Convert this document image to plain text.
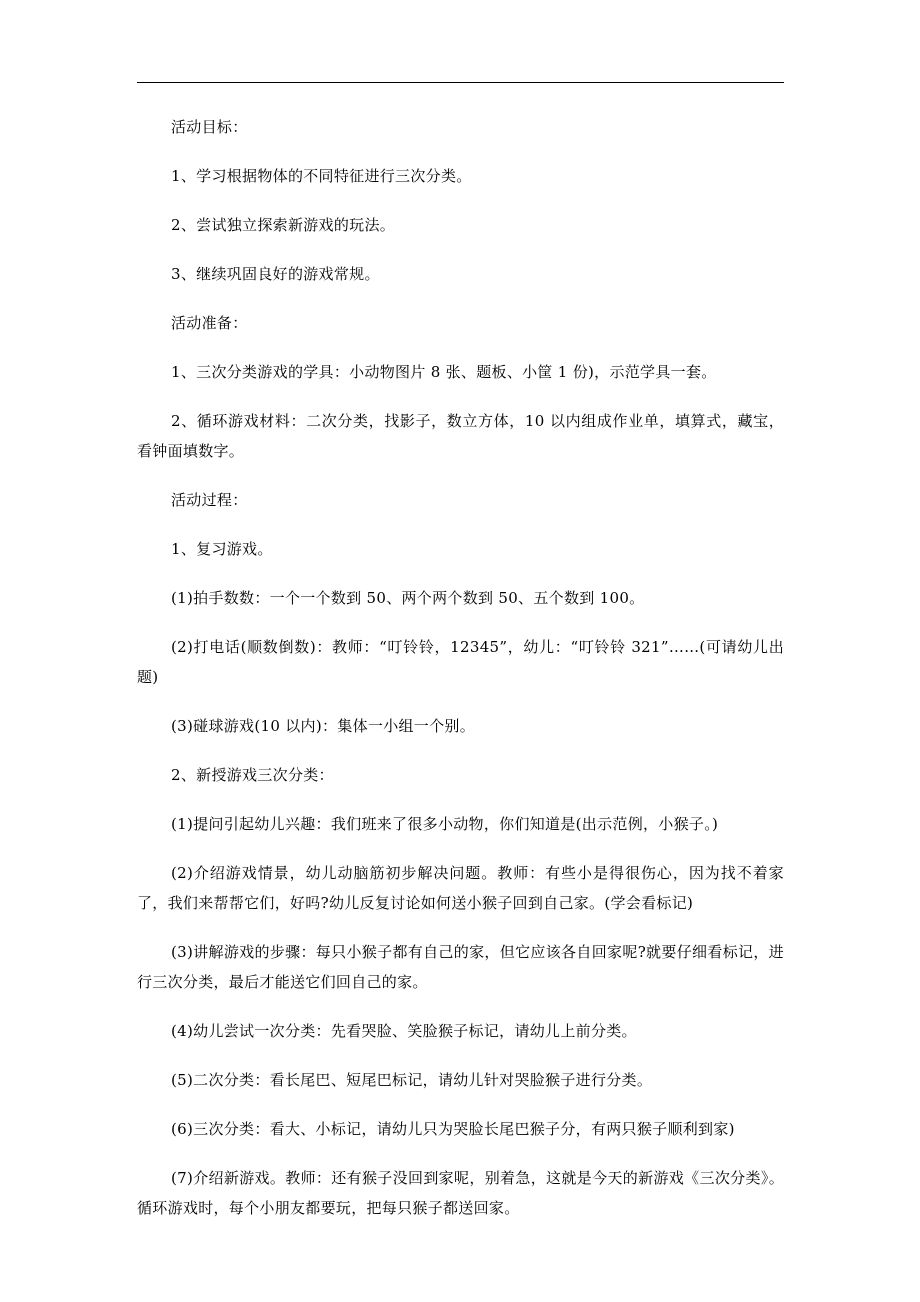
活动目标：

1、学习根据物体的不同特征进行三次分类。

2、尝试独立探索新游戏的玩法。

3、继续巩固良好的游戏常规。

活动准备：

1、三次分类游戏的学具：小动物图片 8 张、题板、小筐 1 份)，示范学具一套。

2、循环游戏材料：二次分类，找影子，数立方体，10 以内组成作业单，填算式，藏宝，看钟面填数字。

活动过程：

1、复习游戏。

(1)拍手数数：一个一个数到 50、两个两个数到 50、五个数到 100。

(2)打电话(顺数倒数)：教师：“叮铃铃，12345”，幼儿：“叮铃铃 321”……(可请幼儿出题)

(3)碰球游戏(10 以内)：集体一小组一个别。

2、新授游戏三次分类：

(1)提问引起幼儿兴趣：我们班来了很多小动物，你们知道是(出示范例，小猴子。)

(2)介绍游戏情景，幼儿动脑筋初步解决问题。教师：有些小是得很伤心，因为找不着家了，我们来帮帮它们，好吗?幼儿反复讨论如何送小猴子回到自己家。(学会看标记)

(3)讲解游戏的步骤：每只小猴子都有自己的家，但它应该各自回家呢?就要仔细看标记，进行三次分类，最后才能送它们回自己的家。

(4)幼儿尝试一次分类：先看哭脸、笑脸猴子标记，请幼儿上前分类。

(5)二次分类：看长尾巴、短尾巴标记，请幼儿针对哭脸猴子进行分类。

(6)三次分类：看大、小标记，请幼儿只为哭脸长尾巴猴子分，有两只猴子顺利到家)

(7)介绍新游戏。教师：还有猴子没回到家呢，别着急，这就是今天的新游戏《三次分类》。循环游戏时，每个小朋友都要玩，把每只猴子都送回家。
